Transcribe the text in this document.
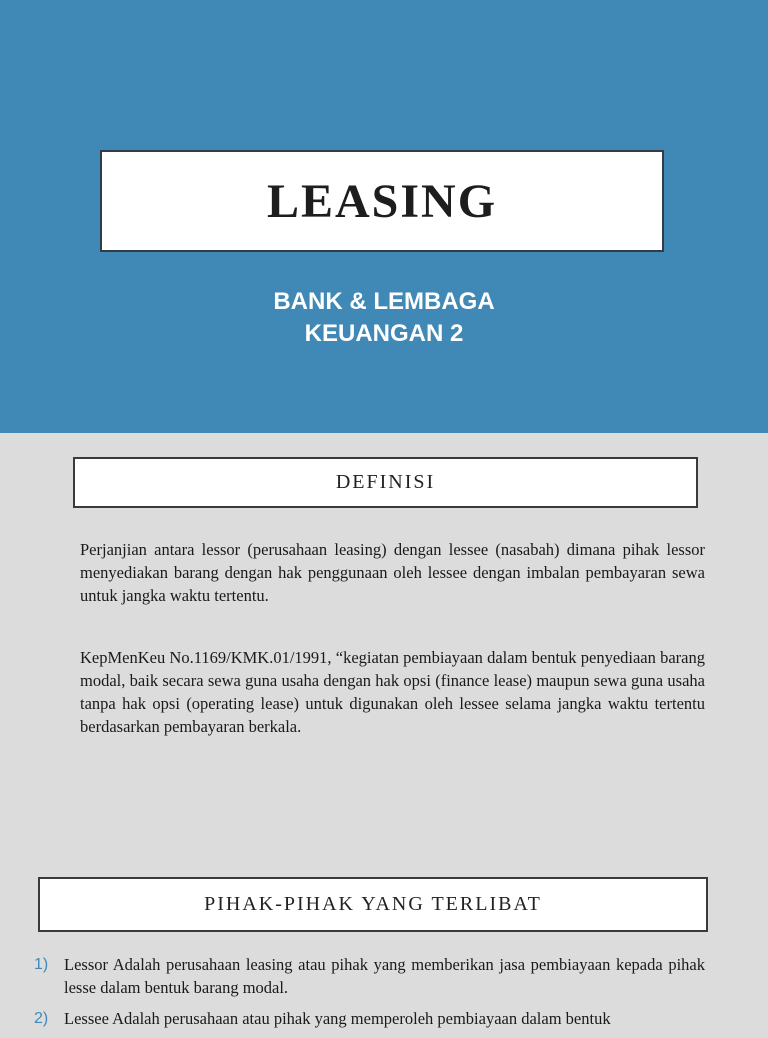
LEASING
BANK & LEMBAGA
KEUANGAN 2
DEFINISI

Perjanjian antara lessor (perusahaan leasing) dengan lessee (nasabah) dimana pihak lessor menyediakan barang dengan hak penggunaan oleh lessee dengan imbalan pembayaran sewa untuk jangka waktu tertentu.

KepMenKeu No.1169/KMK.01/1991, “kegiatan pembiayaan dalam bentuk penyediaan barang modal, baik secara sewa guna usaha dengan hak opsi (finance lease) maupun sewa guna usaha tanpa hak opsi (operating lease) untuk digunakan oleh lessee selama jangka waktu tertentu berdasarkan pembayaran berkala.

PIHAK-PIHAK YANG TERLIBAT
1) Lessor Adalah perusahaan leasing atau pihak yang memberikan jasa pembiayaan kepada pihak lesse dalam bentuk barang modal.
2) Lessee Adalah perusahaan atau pihak yang memperoleh pembiayaan dalam bentuk
